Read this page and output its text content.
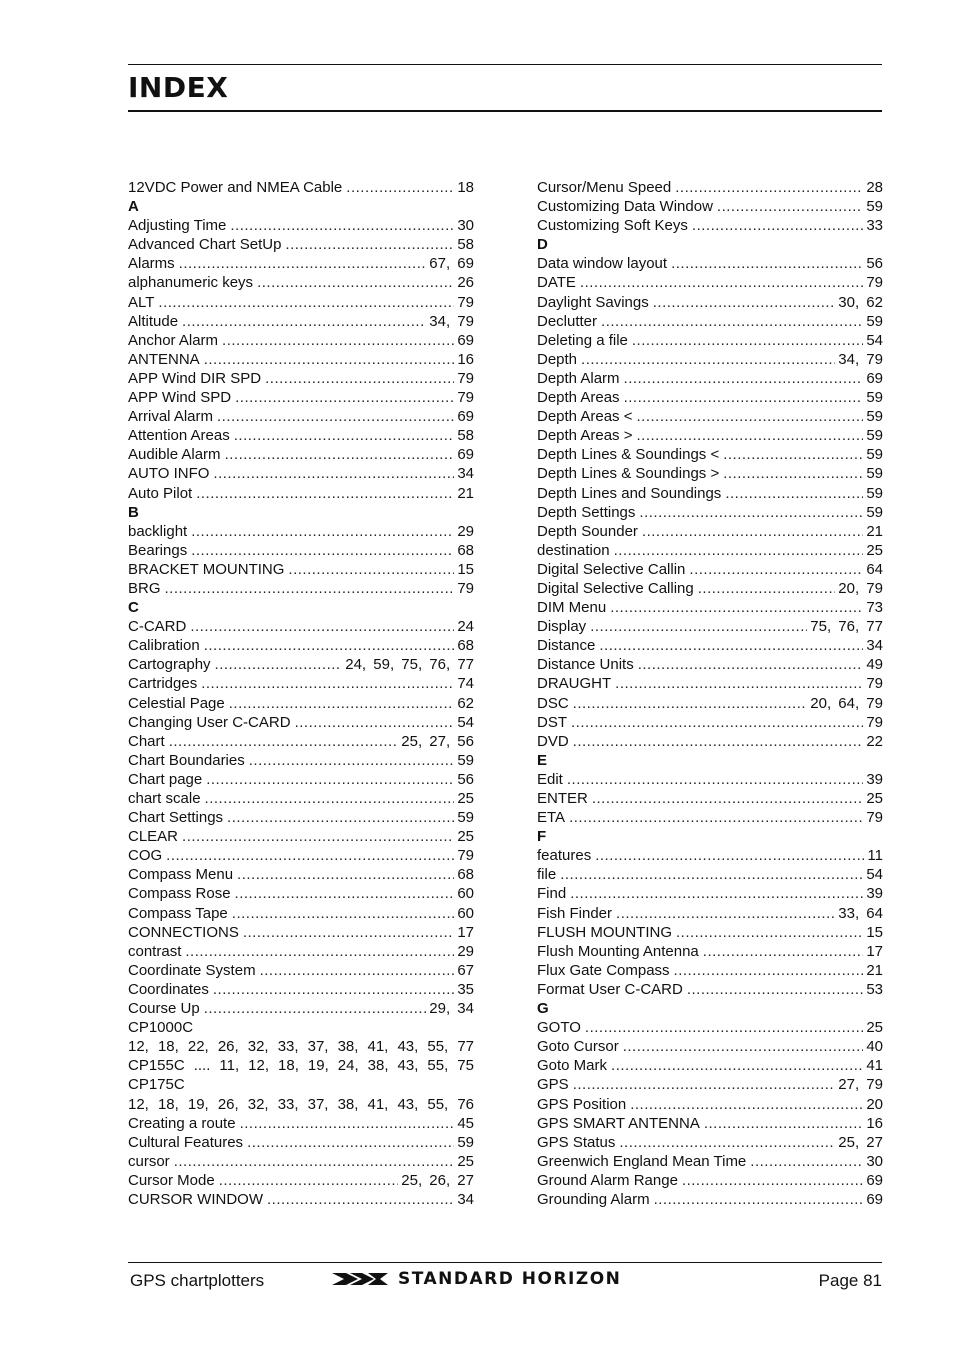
INDEX
12VDC Power and NMEA Cable .....	18
A
Adjusting Time .....	30
Advanced Chart SetUp .....	58
Alarms .....	67, 69
alphanumeric keys .....	26
ALT .....	79
Altitude .....	34, 79
Anchor Alarm .....	69
ANTENNA .....	16
APP Wind DIR SPD .....	79
APP Wind SPD .....	79
Arrival Alarm .....	69
Attention Areas .....	58
Audible Alarm .....	69
AUTO INFO .....	34
Auto Pilot .....	21
B
backlight .....	29
Bearings .....	68
BRACKET MOUNTING .....	15
BRG .....	79
C
C-CARD .....	24
Calibration .....	68
Cartography .....	24, 59, 75, 76, 77
Cartridges .....	74
Celestial Page .....	62
Changing User C-CARD .....	54
Chart .....	25, 27, 56
Chart Boundaries .....	59
Chart page .....	56
chart scale .....	25
Chart Settings .....	59
CLEAR .....	25
COG .....	79
Compass Menu .....	68
Compass Rose .....	60
Compass Tape .....	60
CONNECTIONS .....	17
contrast .....	29
Coordinate System .....	67
Coordinates .....	35
Course Up .....	29, 34
CP1000C
12, 18, 22, 26, 32, 33, 37, 38, 41, 43, 55, 77
CP155C .... 11, 12, 18, 19, 24, 38, 43, 55, 75
CP175C
12, 18, 19, 26, 32, 33, 37, 38, 41, 43, 55, 76
Creating a route .....	45
Cultural Features .....	59
cursor .....	25
Cursor Mode .....	25, 26, 27
CURSOR WINDOW .....	34
Cursor/Menu Speed .....	28
Customizing Data Window .....	59
Customizing Soft Keys .....	33
D
Data window layout .....	56
DATE .....	79
Daylight Savings .....	30, 62
Declutter .....	59
Deleting a file .....	54
Depth .....	34, 79
Depth Alarm .....	69
Depth Areas .....	59
Depth Areas < .....	59
Depth Areas > .....	59
Depth Lines & Soundings < .....	59
Depth Lines & Soundings > .....	59
Depth Lines and Soundings .....	59
Depth Settings .....	59
Depth Sounder .....	21
destination .....	25
Digital Selective Callin .....	64
Digital Selective Calling .....	20, 79
DIM Menu .....	73
Display .....	75, 76, 77
Distance .....	34
Distance Units .....	49
DRAUGHT .....	79
DSC .....	20, 64, 79
DST .....	79
DVD .....	22
E
Edit .....	39
ENTER .....	25
ETA .....	79
F
features .....	11
file .....	54
Find .....	39
Fish Finder .....	33, 64
FLUSH MOUNTING .....	15
Flush Mounting Antenna .....	17
Flux Gate Compass .....	21
Format User C-CARD .....	53
G
GOTO .....	25
Goto Cursor .....	40
Goto Mark .....	41
GPS .....	27, 79
GPS Position .....	20
GPS SMART ANTENNA .....	16
GPS Status .....	25, 27
Greenwich England Mean Time .....	30
Ground Alarm Range .....	69
Grounding Alarm .....	69
GPS chartplotters	STANDARD HORIZON	Page 81
